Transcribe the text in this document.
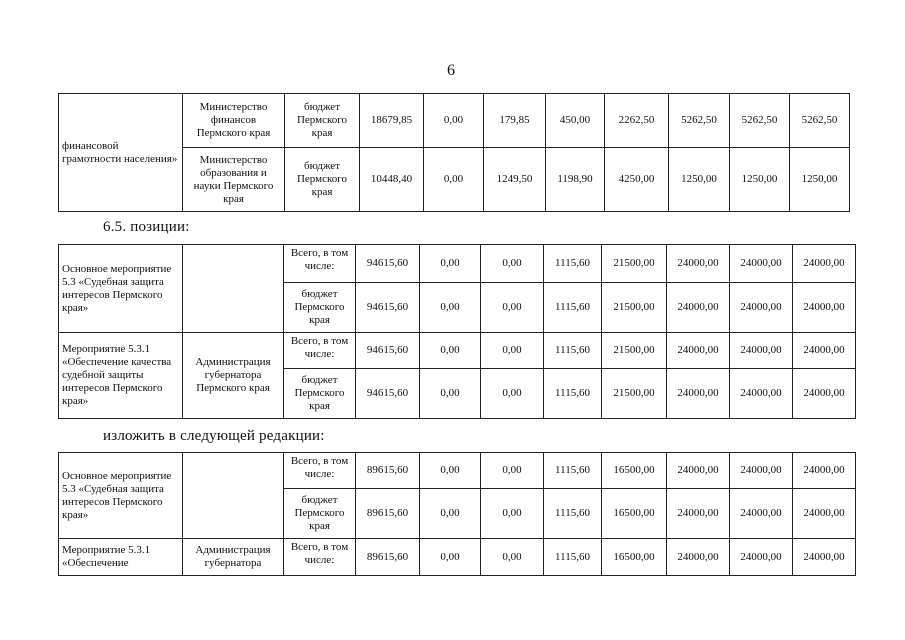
6
финансовой грамотности населения»	Министерство финансов Пермского края	бюджет Пермского края	18679,85	0,00	179,85	450,00	2262,50	5262,50	5262,50	5262,50
	Министерство образования и науки Пермского края	бюджет Пермского края	10448,40	0,00	1249,50	1198,90	4250,00	1250,00	1250,00	1250,00
6.5. позиции:
Основное мероприятие 5.3 «Судебная защита интересов Пермского края»		Всего, в том числе:	94615,60	0,00	0,00	1115,60	21500,00	24000,00	24000,00	24000,00
		бюджет Пермского края	94615,60	0,00	0,00	1115,60	21500,00	24000,00	24000,00	24000,00
Мероприятие 5.3.1 «Обеспечение качества судебной защиты интересов Пермского края»	Администрация губернатора Пермского края	Всего, в том числе:	94615,60	0,00	0,00	1115,60	21500,00	24000,00	24000,00	24000,00
		бюджет Пермского края	94615,60	0,00	0,00	1115,60	21500,00	24000,00	24000,00	24000,00
изложить в следующей редакции:
Основное мероприятие 5.3 «Судебная защита интересов Пермского края»		Всего, в том числе:	89615,60	0,00	0,00	1115,60	16500,00	24000,00	24000,00	24000,00
		бюджет Пермского края	89615,60	0,00	0,00	1115,60	16500,00	24000,00	24000,00	24000,00
Мероприятие 5.3.1 «Обеспечение	Администрация губернатора	Всего, в том числе:	89615,60	0,00	0,00	1115,60	16500,00	24000,00	24000,00	24000,00
